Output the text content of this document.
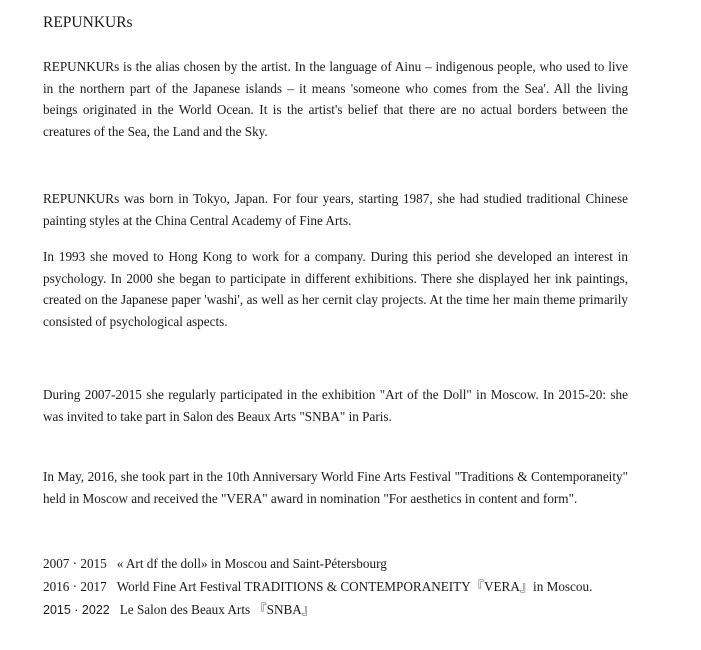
REPUNKURs

REPUNKURs is the alias chosen by the artist. In the language of Ainu – indigenous people, who used to live in the northern part of the Japanese islands – it means 'someone who comes from the Sea'. All the living beings originated in the World Ocean. It is the artist's belief that there are no actual borders between the creatures of the Sea, the Land and the Sky.

REPUNKURs was born in Tokyo, Japan. For four years, starting 1987, she had studied traditional Chinese painting styles at the China Central Academy of Fine Arts.

In 1993 she moved to Hong Kong to work for a company. During this period she developed an interest in psychology. In 2000 she began to participate in different exhibitions. There she displayed her ink paintings, created on the Japanese paper 'washi', as well as her cernit clay projects. At the time her main theme primarily consisted of psychological aspects.

During 2007-2015 she regularly participated in the exhibition "Art of the Doll" in Moscow. In 2015-20: she was invited to take part in Salon des Beaux Arts "SNBA" in Paris.

In May, 2016, she took part in the 10th Anniversary World Fine Arts Festival "Traditions & Contemporaneity" held in Moscow and received the "VERA" award in nomination "For aesthetics in content and form".

2007 · 2015 « Art df the doll» in Moscou and Saint-Pétersbourg
2016 · 2017 World Fine Art Festival TRADITIONS & CONTEMPORANEITY『VERA』in Moscou.
2015 · 2022 Le Salon des Beaux Arts 『SNBA』
